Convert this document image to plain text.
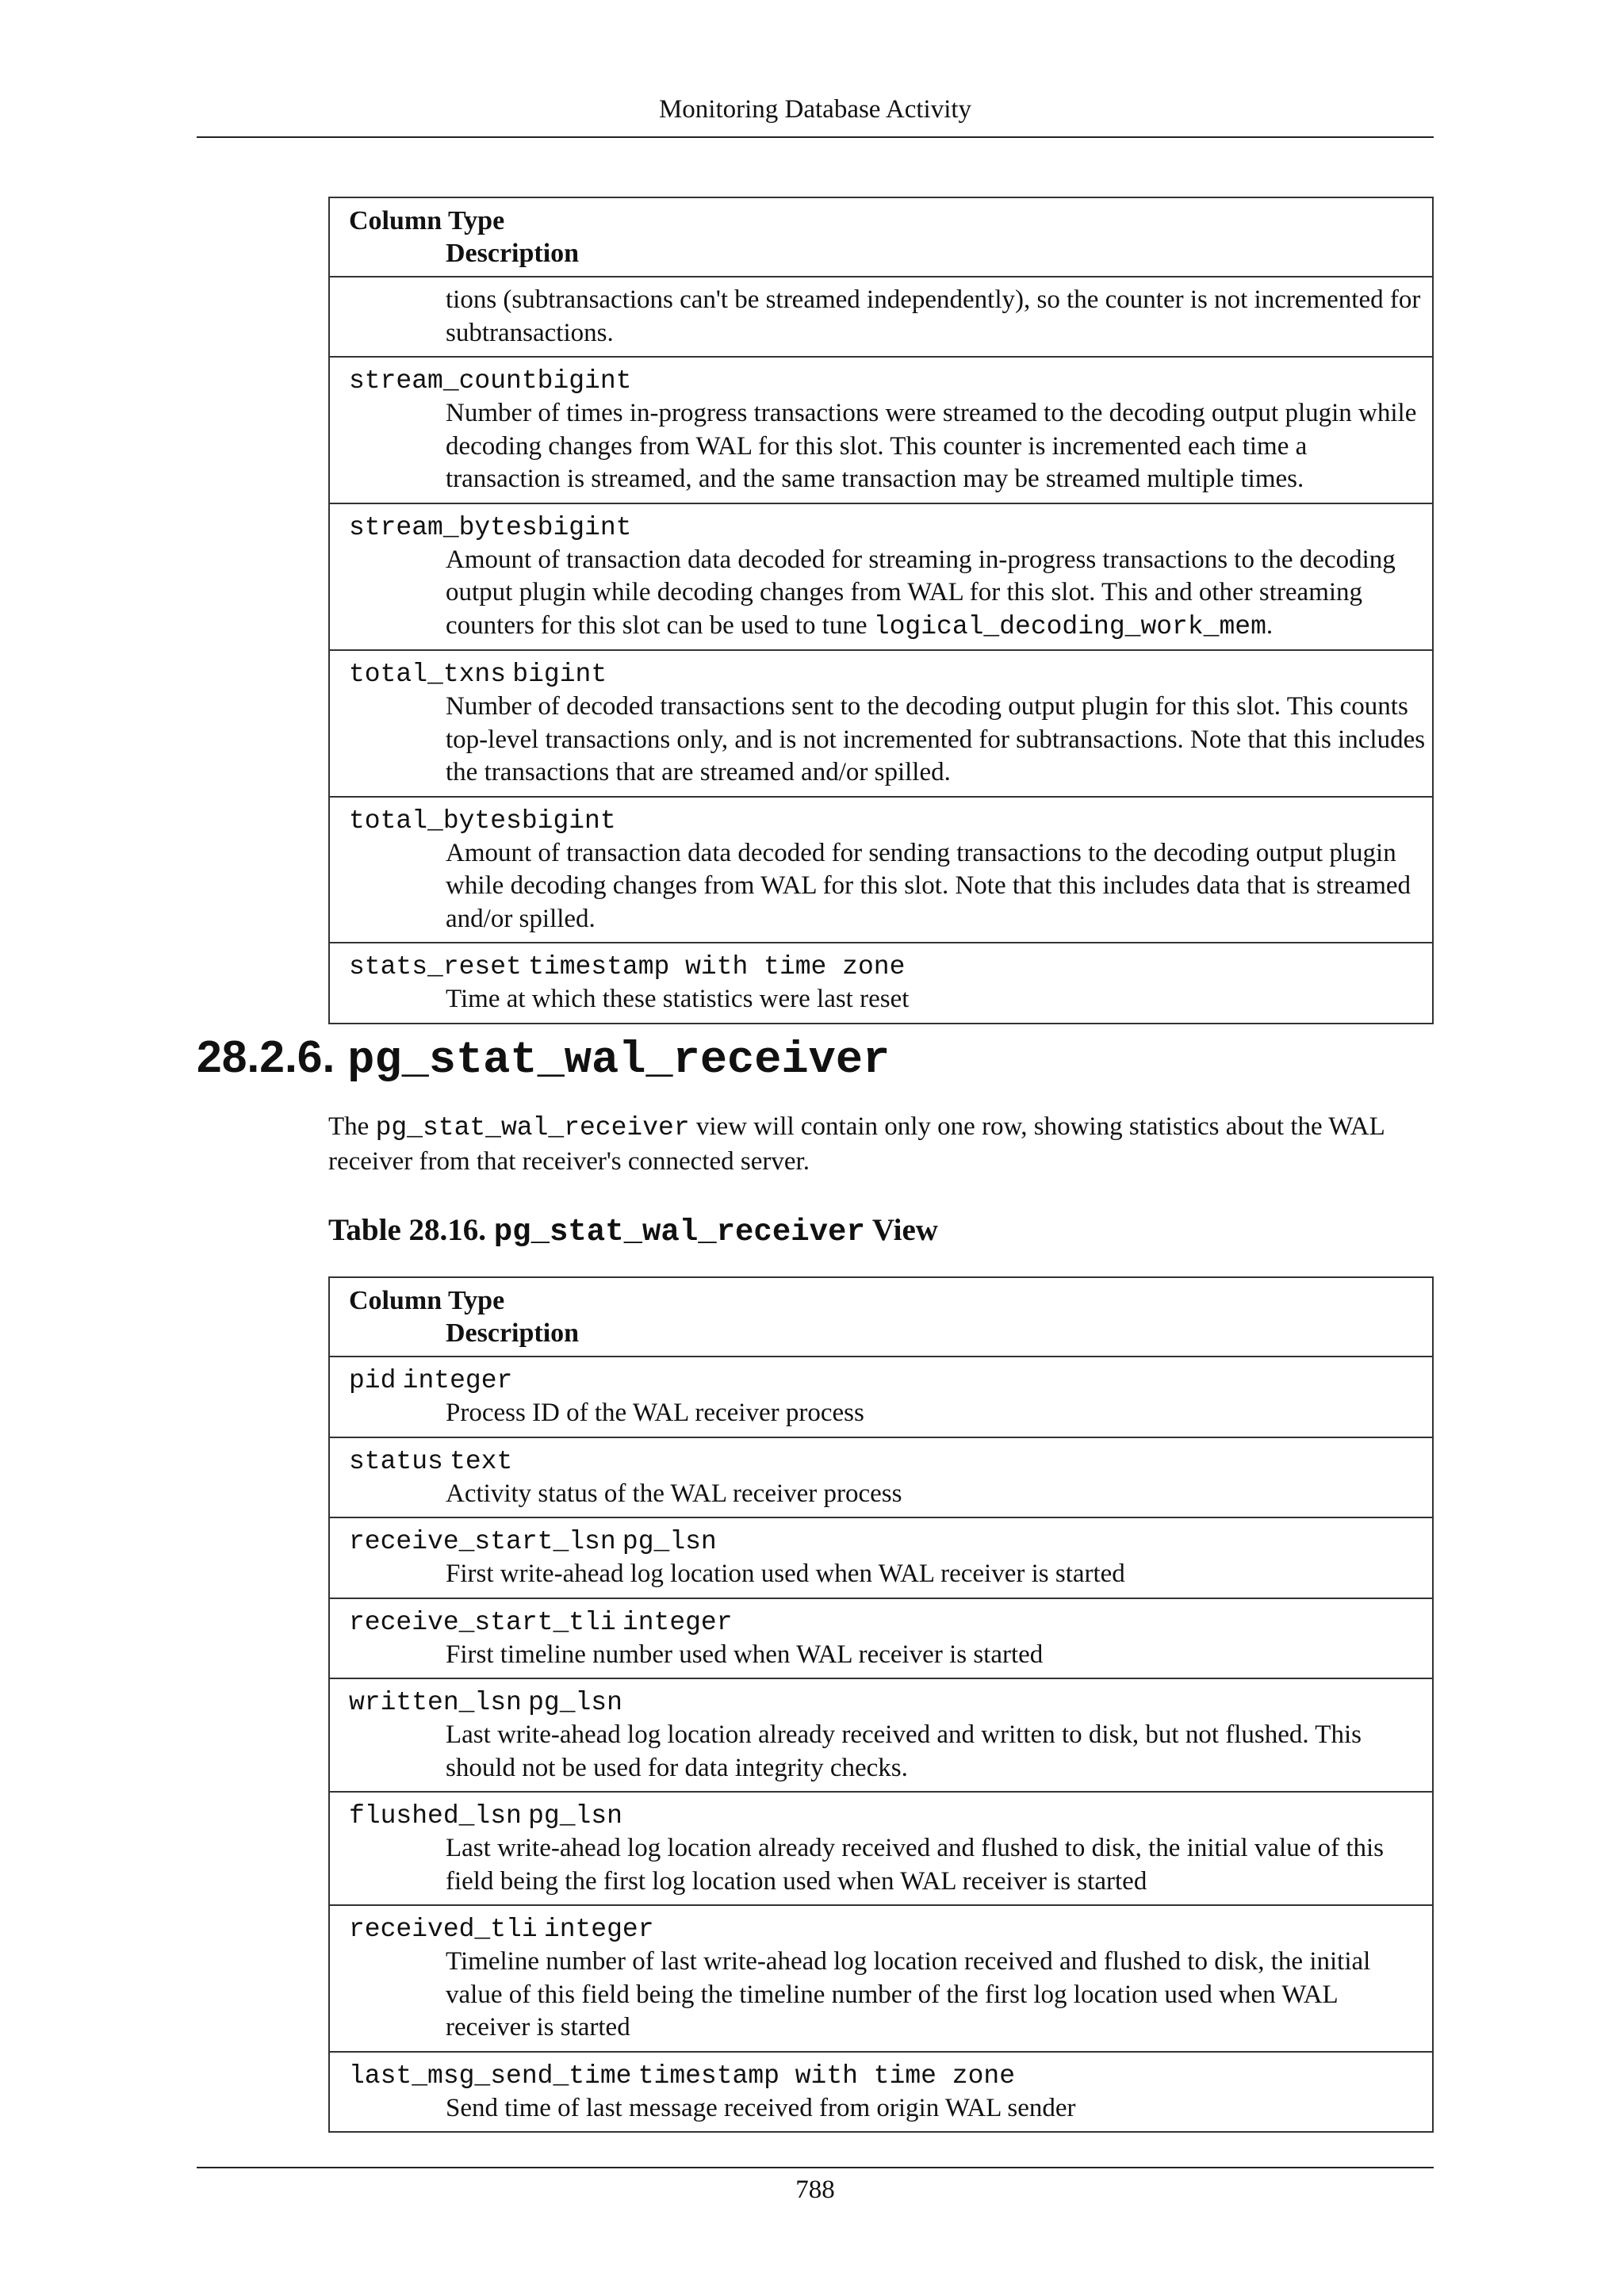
Monitoring Database Activity
Column Type
Description
tions (subtransactions can't be streamed independently), so the counter is not incremented for subtransactions.
stream_countbigint
Number of times in-progress transactions were streamed to the decoding output plugin while decoding changes from WAL for this slot. This counter is incremented each time a transaction is streamed, and the same transaction may be streamed multiple times.
stream_bytesbigint
Amount of transaction data decoded for streaming in-progress transactions to the decoding output plugin while decoding changes from WAL for this slot. This and other streaming counters for this slot can be used to tune logical_decoding_work_mem.
total_txns bigint
Number of decoded transactions sent to the decoding output plugin for this slot. This counts top-level transactions only, and is not incremented for subtransactions. Note that this includes the transactions that are streamed and/or spilled.
total_bytesbigint
Amount of transaction data decoded for sending transactions to the decoding output plugin while decoding changes from WAL for this slot. Note that this includes data that is streamed and/or spilled.
stats_reset timestamp with time zone
Time at which these statistics were last reset
28.2.6. pg_stat_wal_receiver

The pg_stat_wal_receiver view will contain only one row, showing statistics about the WAL receiver from that receiver's connected server.

Table 28.16. pg_stat_wal_receiver View
Column Type
Description
pid integer
Process ID of the WAL receiver process
status text
Activity status of the WAL receiver process
receive_start_lsn pg_lsn
First write-ahead log location used when WAL receiver is started
receive_start_tli integer
First timeline number used when WAL receiver is started
written_lsn pg_lsn
Last write-ahead log location already received and written to disk, but not flushed. This should not be used for data integrity checks.
flushed_lsn pg_lsn
Last write-ahead log location already received and flushed to disk, the initial value of this field being the first log location used when WAL receiver is started
received_tli integer
Timeline number of last write-ahead log location received and flushed to disk, the initial value of this field being the timeline number of the first log location used when WAL receiver is started
last_msg_send_time timestamp with time zone
Send time of last message received from origin WAL sender
788
